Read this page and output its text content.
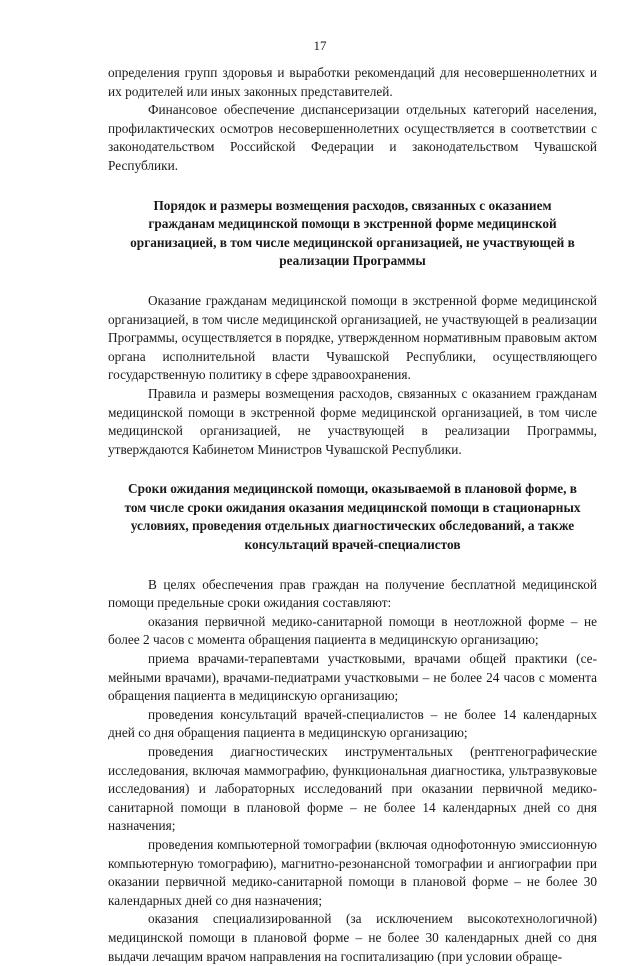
17

определения групп здоровья и выработки рекомендаций для несовершеннолетних и их родителей или иных законных представителей.

Финансовое обеспечение диспансеризации отдельных категорий населения, профилактических осмотров несовершеннолетних осуществляется в соответствии с законодательством Российской Федерации и законодательством Чувашской Республики.

Порядок и размеры возмещения расходов, связанных с оказанием гражданам медицинской помощи в экстренной форме медицинской организацией, в том числе медицинской организацией, не участвующей в реализации Программы

Оказание гражданам медицинской помощи в экстренной форме медицинской организацией, в том числе медицинской организацией, не участвующей в реализации Программы, осуществляется в порядке, утвержденном нормативным правовым актом органа исполнительной власти Чувашской Республики, осуществляющего государственную политику в сфере здравоохранения.

Правила и размеры возмещения расходов, связанных с оказанием гражданам медицинской помощи в экстренной форме медицинской организацией, в том числе медицинской организацией, не участвующей в реализации Программы, утверждаются Кабинетом Министров Чувашской Республики.

Сроки ожидания медицинской помощи, оказываемой в плановой форме, в том числе сроки ожидания оказания медицинской помощи в стационарных условиях, проведения отдельных диагностических обследований, а также консультаций врачей-специалистов

В целях обеспечения прав граждан на получение бесплатной медицинской помощи предельные сроки ожидания составляют:

оказания первичной медико-санитарной помощи в неотложной форме – не более 2 часов с момента обращения пациента в медицинскую организацию;

приема врачами-терапевтами участковыми, врачами общей практики (семейными врачами), врачами-педиатрами участковыми – не более 24 часов с момента обращения пациента в медицинскую организацию;

проведения консультаций врачей-специалистов – не более 14 календарных дней со дня обращения пациента в медицинскую организацию;

проведения диагностических инструментальных (рентгенографические исследования, включая маммографию, функциональная диагностика, ультразвуковые исследования) и лабораторных исследований при оказании первичной медико-санитарной помощи в плановой форме – не более 14 календарных дней со дня назначения;

проведения компьютерной томографии (включая однофотонную эмиссионную компьютерную томографию), магнитно-резонансной томографии и ангиографии при оказании первичной медико-санитарной помощи в плановой форме – не более 30 календарных дней со дня назначения;

оказания специализированной (за исключением высокотехнологичной) медицинской помощи в плановой форме – не более 30 календарных дней со дня выдачи лечащим врачом направления на госпитализацию (при условии обраще-
